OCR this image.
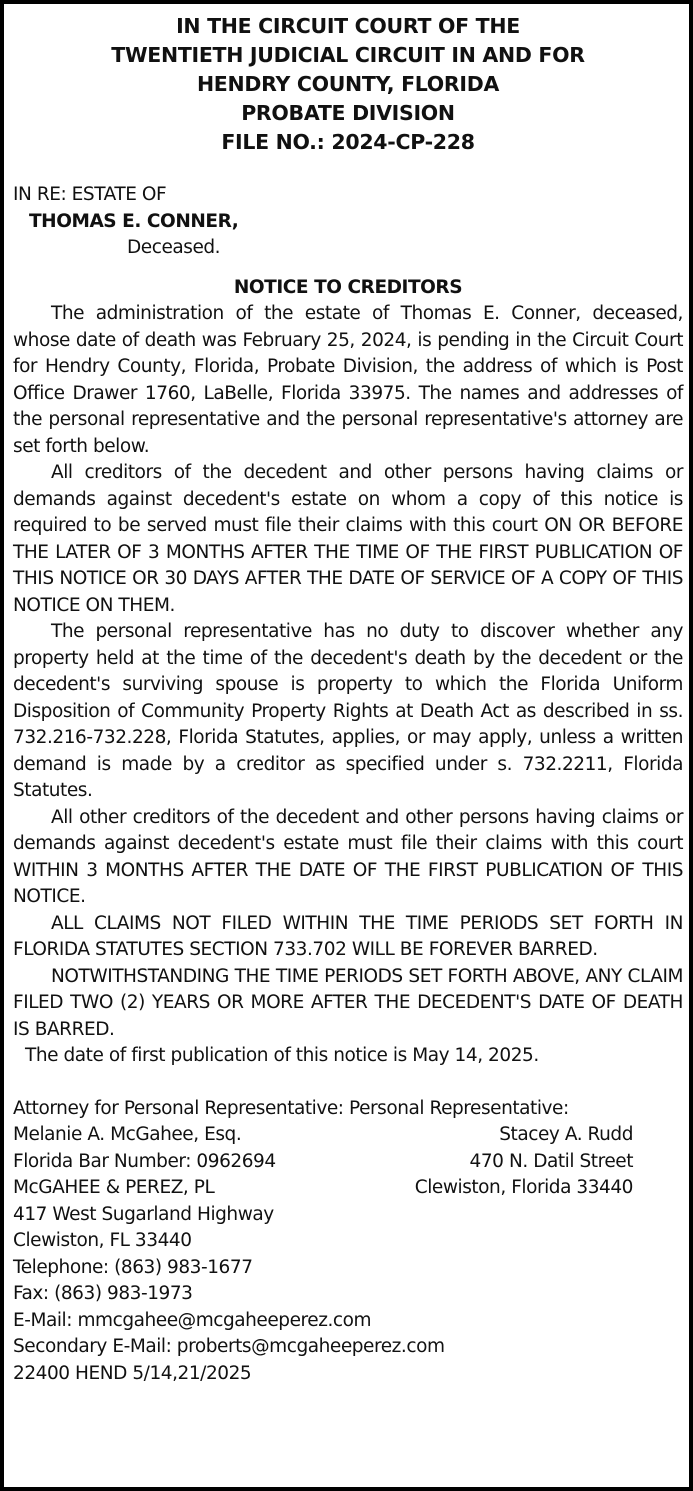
IN THE CIRCUIT COURT OF THE
TWENTIETH JUDICIAL CIRCUIT IN AND FOR
HENDRY COUNTY, FLORIDA
PROBATE DIVISION
FILE NO.: 2024-CP-228
IN RE: ESTATE OF
THOMAS E. CONNER,
Deceased.
NOTICE TO CREDITORS

The administration of the estate of Thomas E. Conner, deceased, whose date of death was February 25, 2024, is pending in the Circuit Court for Hendry County, Florida, Probate Division, the address of which is Post Office Drawer 1760, LaBelle, Florida 33975. The names and addresses of the personal representative and the personal representative's attorney are set forth below.

All creditors of the decedent and other persons having claims or demands against decedent's estate on whom a copy of this notice is required to be served must file their claims with this court ON OR BEFORE THE LATER OF 3 MONTHS AFTER THE TIME OF THE FIRST PUBLICATION OF THIS NOTICE OR 30 DAYS AFTER THE DATE OF SERVICE OF A COPY OF THIS NOTICE ON THEM.

The personal representative has no duty to discover whether any property held at the time of the decedent's death by the decedent or the decedent's surviving spouse is property to which the Florida Uniform Disposition of Community Property Rights at Death Act as described in ss. 732.216-732.228, Florida Statutes, applies, or may apply, unless a written demand is made by a creditor as specified under s. 732.2211, Florida Statutes.

All other creditors of the decedent and other persons having claims or demands against decedent's estate must file their claims with this court WITHIN 3 MONTHS AFTER THE DATE OF THE FIRST PUBLICATION OF THIS NOTICE.

ALL CLAIMS NOT FILED WITHIN THE TIME PERIODS SET FORTH IN FLORIDA STATUTES SECTION 733.702 WILL BE FOREVER BARRED.

NOTWITHSTANDING THE TIME PERIODS SET FORTH ABOVE, ANY CLAIM FILED TWO (2) YEARS OR MORE AFTER THE DECEDENT'S DATE OF DEATH IS BARRED.

The date of first publication of this notice is May 14, 2025.
Attorney for Personal Representative: Personal Representative:
Melanie A. McGahee, Esq.	Stacey A. Rudd
Florida Bar Number: 0962694	470 N. Datil Street
McGAHEE & PEREZ, PL	Clewiston, Florida 33440
417 West Sugarland Highway
Clewiston, FL 33440
Telephone: (863) 983-1677
Fax: (863) 983-1973
E-Mail: mmcgahee@mcgaheeperez.com
Secondary E-Mail: proberts@mcgaheeperez.com
22400 HEND 5/14,21/2025
